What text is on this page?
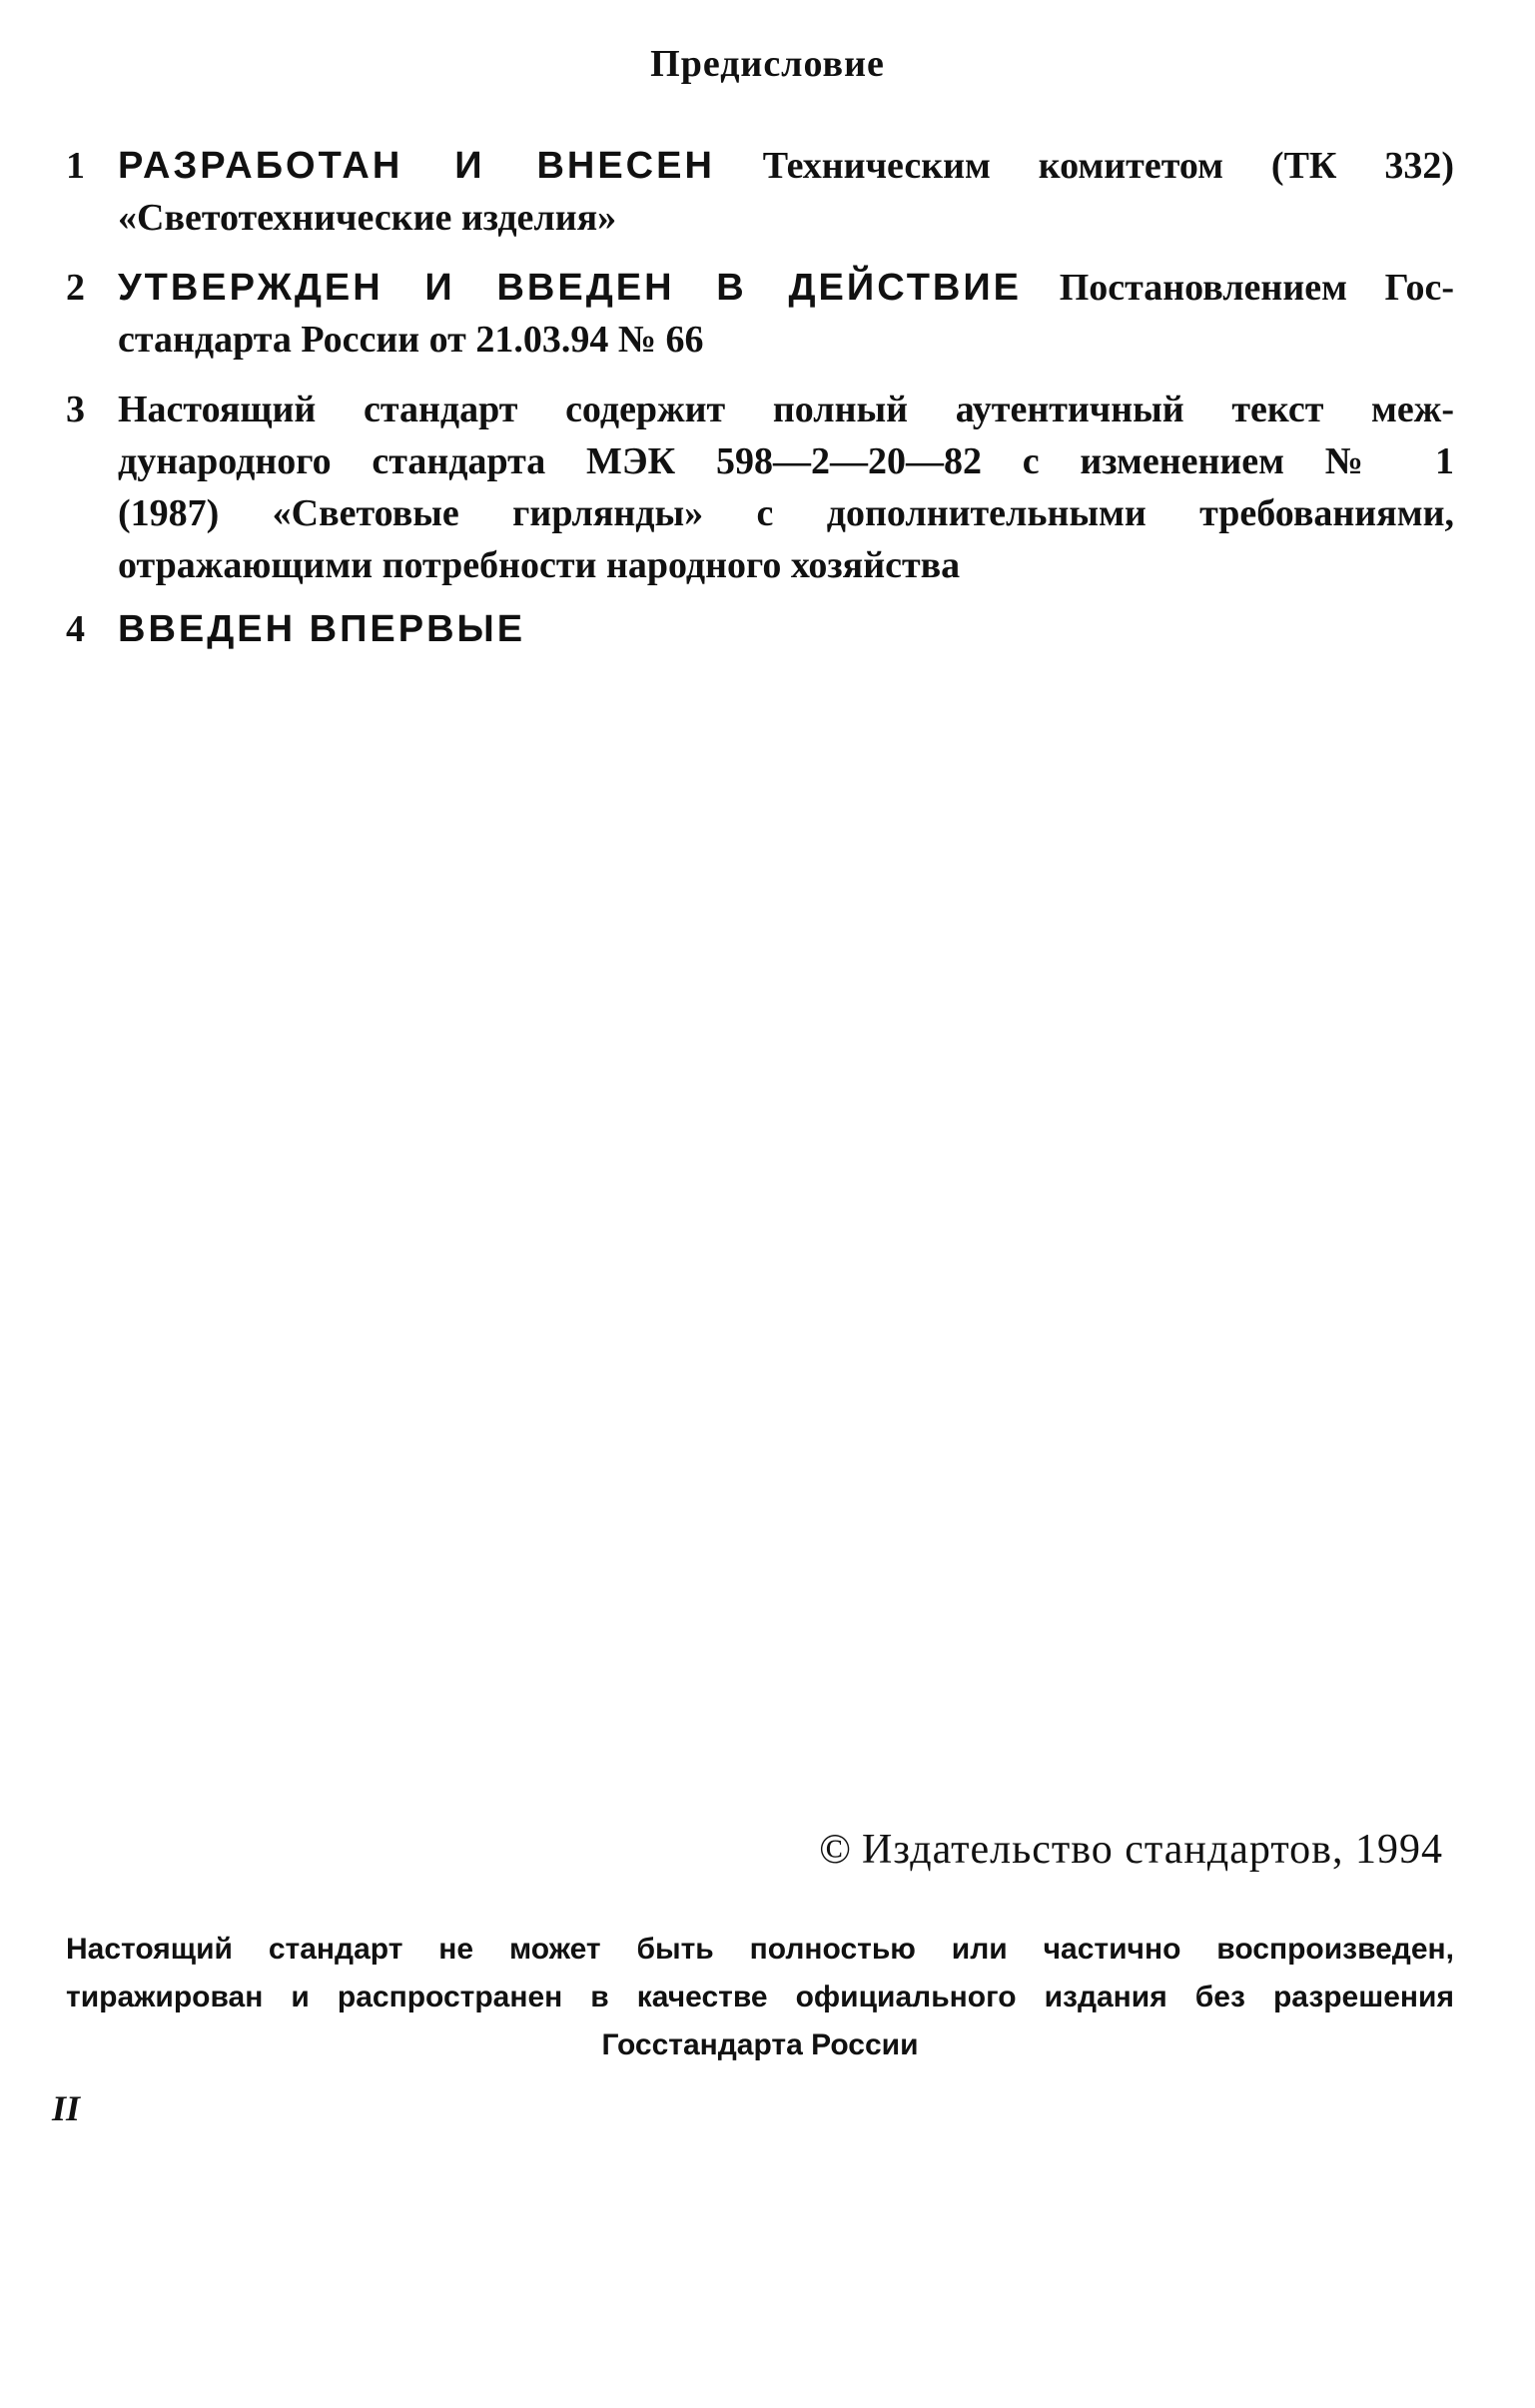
Предисловие
1 РАЗРАБОТАН И ВНЕСЕН Техническим комитетом (ТК 332)
«Светотехнические изделия»
2 УТВЕРЖДЕН И ВВЕДЕН В ДЕЙСТВИЕ Постановлением Гос-
стандарта России от 21.03.94 № 66
3 Настоящий стандарт содержит полный аутентичный текст меж-
дународного стандарта МЭК 598—2—20—82 с изменением № 1
(1987) «Световые гирлянды» с дополнительными требованиями,
отражающими потребности народного хозяйства
4 ВВЕДЕН ВПЕРВЫЕ
© Издательство стандартов, 1994
Настоящий стандарт не может быть полностью или частично воспроизведен,
тиражирован и распространен в качестве официального издания без разрешения
Госстандарта России
II
